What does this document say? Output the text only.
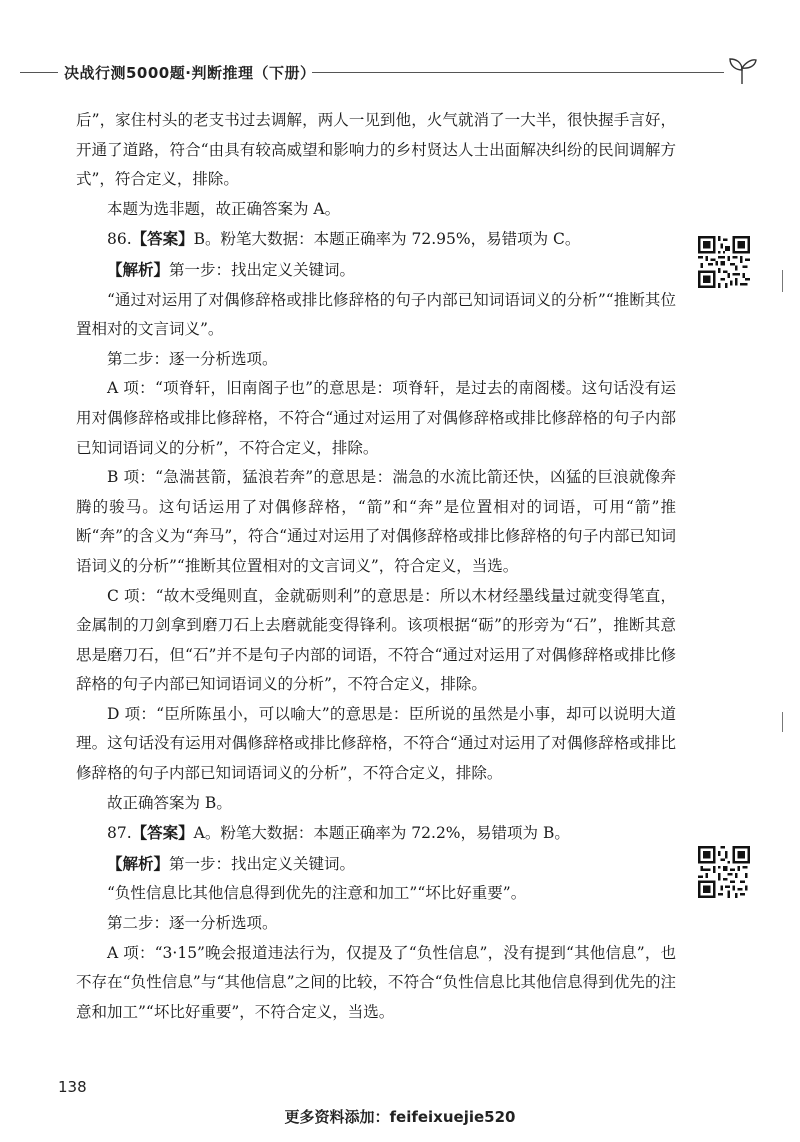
决战行测5000题·判断推理（下册）

后”，家住村头的老支书过去调解，两人一见到他，火气就消了一大半，很快握手言好，开通了道路，符合“由具有较高威望和影响力的乡村贤达人士出面解决纠纷的民间调解方式”，符合定义，排除。

本题为选非题，故正确答案为 A。

86.【答案】B。粉笔大数据：本题正确率为 72.95%，易错项为 C。

【解析】第一步：找出定义关键词。

“通过对运用了对偶修辞格或排比修辞格的句子内部已知词语词义的分析”“推断其位置相对的文言词义”。

第二步：逐一分析选项。

A 项：“项脊轩，旧南阁子也”的意思是：项脊轩，是过去的南阁楼。这句话没有运用对偶修辞格或排比修辞格，不符合“通过对运用了对偶修辞格或排比修辞格的句子内部已知词语词义的分析”，不符合定义，排除。

B 项：“急湍甚箭，猛浪若奔”的意思是：湍急的水流比箭还快，凶猛的巨浪就像奔腾的骏马。这句话运用了对偶修辞格，“箭”和“奔”是位置相对的词语，可用“箭”推断“奔”的含义为“奔马”，符合“通过对运用了对偶修辞格或排比修辞格的句子内部已知词语词义的分析”“推断其位置相对的文言词义”，符合定义，当选。

C 项：“故木受绳则直，金就砺则利”的意思是：所以木材经墨线量过就变得笔直，金属制的刀剑拿到磨刀石上去磨就能变得锋利。该项根据“砺”的形旁为“石”，推断其意思是磨刀石，但“石”并不是句子内部的词语，不符合“通过对运用了对偶修辞格或排比修辞格的句子内部已知词语词义的分析”，不符合定义，排除。

D 项：“臣所陈虽小，可以喻大”的意思是：臣所说的虽然是小事，却可以说明大道理。这句话没有运用对偶修辞格或排比修辞格，不符合“通过对运用了对偶修辞格或排比修辞格的句子内部已知词语词义的分析”，不符合定义，排除。

故正确答案为 B。

87.【答案】A。粉笔大数据：本题正确率为 72.2%，易错项为 B。

【解析】第一步：找出定义关键词。

“负性信息比其他信息得到优先的注意和加工”“坏比好重要”。

第二步：逐一分析选项。

A 项：“3·15”晚会报道违法行为，仅提及了“负性信息”，没有提到“其他信息”，也不存在“负性信息”与“其他信息”之间的比较，不符合“负性信息比其他信息得到优先的注意和加工”“坏比好重要”，不符合定义，当选。

138
更多资料添加：feifeixuejie520
